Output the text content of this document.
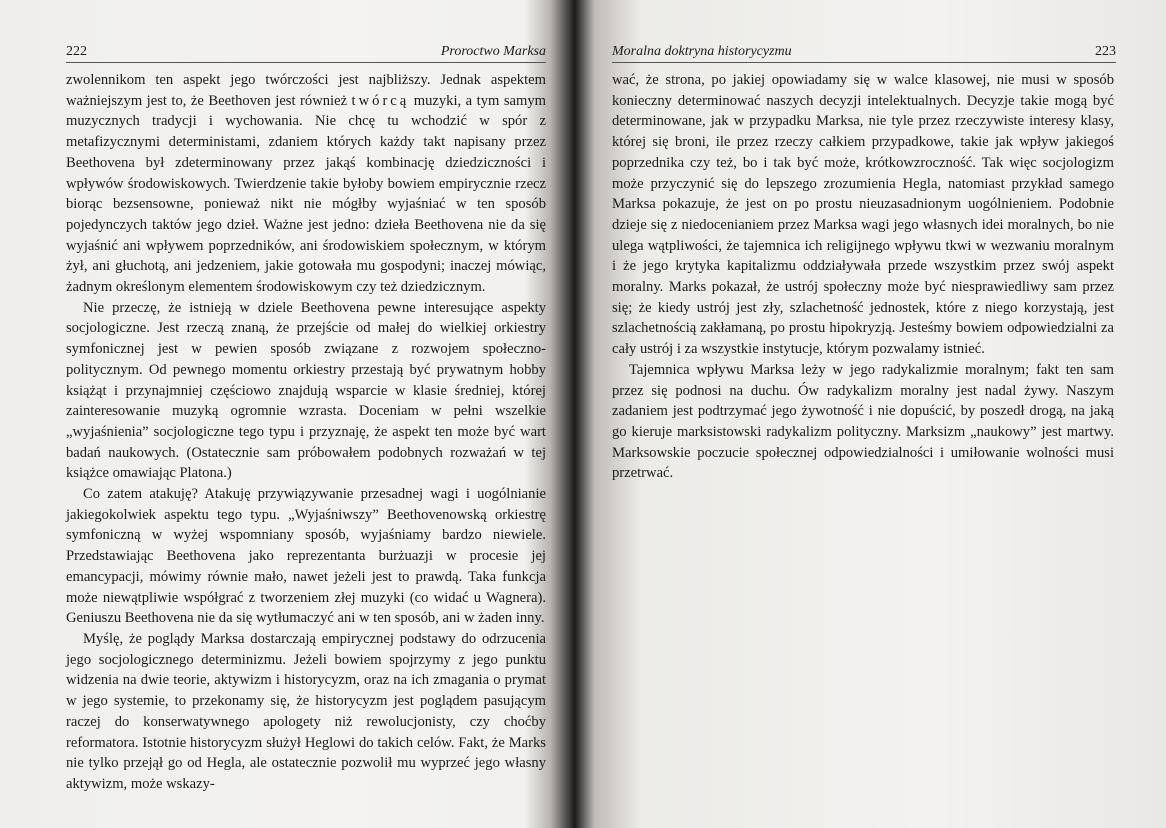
222	Proroctwo Marksa

zwolennikom ten aspekt jego twórczości jest najbliższy. Jednak aspektem ważniejszym jest to, że Beethoven jest również twórcą muzyki, a tym samym muzycznych tradycji i wychowania. Nie chcę tu wchodzić w spór z metafizycznymi deterministami, zdaniem których każdy takt napisany przez Beethovena był zdeterminowany przez jakąś kombinację dziedziczności i wpływów środowiskowych. Twierdzenie takie byłoby bowiem empirycznie rzecz biorąc bezsensowne, ponieważ nikt nie mógłby wyjaśniać w ten sposób pojedynczych taktów jego dzieł. Ważne jest jedno: dzieła Beethovena nie da się wyjaśnić ani wpływem poprzedników, ani środowiskiem społecznym, w którym żył, ani głuchotą, ani jedzeniem, jakie gotowała mu gospodyni; inaczej mówiąc, żadnym określonym elementem środowiskowym czy też dziedzicznym.

Nie przeczę, że istnieją w dziele Beethovena pewne interesujące aspekty socjologiczne. Jest rzeczą znaną, że przejście od małej do wielkiej orkiestry symfonicznej jest w pewien sposób związane z rozwojem społeczno-politycznym. Od pewnego momentu orkiestry przestają być prywatnym hobby książąt i przynajmniej częściowo znajdują wsparcie w klasie średniej, której zainteresowanie muzyką ogromnie wzrasta. Doceniam w pełni wszelkie „wyjaśnienia” socjologiczne tego typu i przyznaję, że aspekt ten może być wart badań naukowych. (Ostatecznie sam próbowałem podobnych rozważań w tej książce omawiając Platona.)

Co zatem atakuję? Atakuję przywiązywanie przesadnej wagi i uogólnianie jakiegokolwiek aspektu tego typu. „Wyjaśniwszy” Beethovenowską orkiestrę symfoniczną w wyżej wspomniany sposób, wyjaśniamy bardzo niewiele. Przedstawiając Beethovena jako reprezentanta burżuazji w procesie jej emancypacji, mówimy równie mało, nawet jeżeli jest to prawdą. Taka funkcja może niewątpliwie współgrać z tworzeniem złej muzyki (co widać u Wagnera). Geniuszu Beethovena nie da się wytłumaczyć ani w ten sposób, ani w żaden inny.

Myślę, że poglądy Marksa dostarczają empirycznej podstawy do odrzucenia jego socjologicznego determinizmu. Jeżeli bowiem spojrzymy z jego punktu widzenia na dwie teorie, aktywizm i historycyzm, oraz na ich zmagania o prymat w jego systemie, to przekonamy się, że historycyzm jest poglądem pasującym raczej do konserwatywnego apologety niż rewolucjonisty, czy choćby reformatora. Istotnie historycyzm służył Heglowi do takich celów. Fakt, że Marks nie tylko przejął go od Hegla, ale ostatecznie pozwolił mu wyprzeć jego własny aktywizm, może wskazy-

Moralna doktryna historycyzmu	223

wać, że strona, po jakiej opowiadamy się w walce klasowej, nie musi w sposób konieczny determinować naszych decyzji intelektualnych. Decyzje takie mogą być determinowane, jak w przypadku Marksa, nie tyle przez rzeczywiste interesy klasy, której się broni, ile przez rzeczy całkiem przypadkowe, takie jak wpływ jakiegoś poprzednika czy też, bo i tak być może, krótkowzroczność. Tak więc socjologizm może przyczynić się do lepszego zrozumienia Hegla, natomiast przykład samego Marksa pokazuje, że jest on po prostu nieuzasadnionym uogólnieniem. Podobnie dzieje się z niedocenianiem przez Marksa wagi jego własnych idei moralnych, bo nie ulega wątpliwości, że tajemnica ich religijnego wpływu tkwi w wezwaniu moralnym i że jego krytyka kapitalizmu oddziaływała przede wszystkim przez swój aspekt moralny. Marks pokazał, że ustrój społeczny może być niesprawiedliwy sam przez się; że kiedy ustrój jest zły, szlachetność jednostek, które z niego korzystają, jest szlachetnością zakłamaną, po prostu hipokryzją. Jesteśmy bowiem odpowiedzialni za cały ustrój i za wszystkie instytucje, którym pozwalamy istnieć.

Tajemnica wpływu Marksa leży w jego radykalizmie moralnym; fakt ten sam przez się podnosi na duchu. Ów radykalizm moralny jest nadal żywy. Naszym zadaniem jest podtrzymać jego żywotność i nie dopuścić, by poszedł drogą, na jaką go kieruje marksistowski radykalizm polityczny. Marksizm „naukowy” jest martwy. Marksowskie poczucie społecznej odpowiedzialności i umiłowanie wolności musi przetrwać.
